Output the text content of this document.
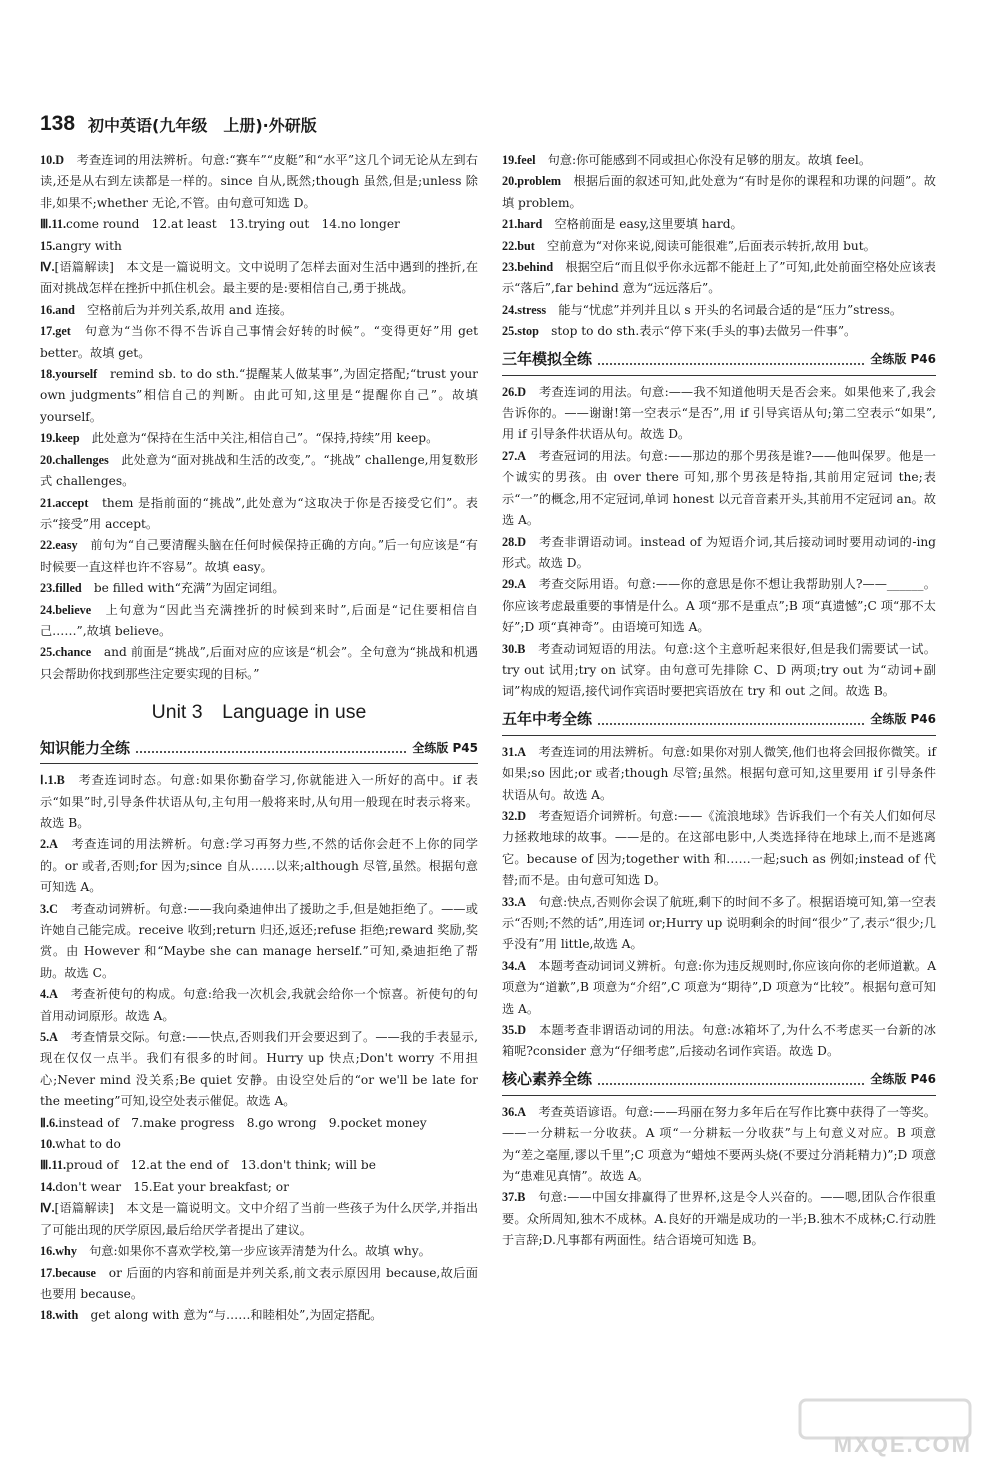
138 初中英语(九年级　上册)·外研版

10.D　考查连词的用法辨析。句意:“赛车”“皮艇”和“水平”这几个词无论从左到右读,还是从右到左读都是一样的。since 自从,既然;though 虽然,但是;unless 除非,如果不;whether 无论,不管。由句意可知选 D。

Ⅲ.11.come round　12.at least　13.trying out　14.no longer

15.angry with

Ⅳ.[语篇解读]　本文是一篇说明文。文中说明了怎样去面对生活中遇到的挫折,在面对挑战怎样在挫折中抓住机会。最主要的是:要相信自己,勇于挑战。

16.and　空格前后为并列关系,故用 and 连接。

17.get　句意为“当你不得不告诉自己事情会好转的时候”。“变得更好”用 get better。故填 get。

18.yourself　remind sb. to do sth.“提醒某人做某事”,为固定搭配;“trust your own judgments”相信自己的判断。由此可知,这里是“提醒你自己”。故填 yourself。

19.keep　此处意为“保持在生活中关注,相信自己”。“保持,持续”用 keep。

20.challenges　此处意为“面对挑战和生活的改变,”。“挑战” challenge,用复数形式 challenges。

21.accept　them 是指前面的“挑战”,此处意为“这取决于你是否接受它们”。表示“接受”用 accept。

22.easy　前句为“自己要清醒头脑在任何时候保持正确的方向。”后一句应该是“有时候要一直这样也许不容易”。故填 easy。

23.filled　be filled with“充满”为固定词组。

24.believe　上句意为“因此当充满挫折的时候到来时”,后面是“记住要相信自己……”,故填 believe。

25.chance　and 前面是“挑战”,后面对应的应该是“机会”。全句意为“挑战和机遇只会帮助你找到那些注定要实现的目标。”

Unit 3　Language in use
知识能力全练	全练版 P45

Ⅰ.1.B　考查连词时态。句意:如果你勤奋学习,你就能进入一所好的高中。if 表示“如果”时,引导条件状语从句,主句用一般将来时,从句用一般现在时表示将来。故选 B。

2.A　考查连词的用法辨析。句意:学习再努力些,不然的话你会赶不上你的同学的。or 或者,否则;for 因为;since 自从……以来;although 尽管,虽然。根据句意可知选 A。

3.C　考查动词辨析。句意:——我向桑迪伸出了援助之手,但是她拒绝了。——或许她自己能完成。receive 收到;return 归还,返还;refuse 拒绝;reward 奖励,奖赏。由 However 和“Maybe she can manage herself.”可知,桑迪拒绝了帮助。故选 C。

4.A　考查祈使句的构成。句意:给我一次机会,我就会给你一个惊喜。祈使句的句首用动词原形。故选 A。

5.A　考查情景交际。句意:——快点,否则我们开会要迟到了。——我的手表显示,现在仅仅一点半。我们有很多的时间。Hurry up 快点;Don't worry 不用担心;Never mind 没关系;Be quiet 安静。由设空处后的“or we'll be late for the meeting”可知,设空处表示催促。故选 A。

Ⅱ.6.instead of　7.make progress　8.go wrong　9.pocket money

10.what to do

Ⅲ.11.proud of　12.at the end of　13.don't think; will be

14.don't wear　15.Eat your breakfast; or

Ⅳ.[语篇解读]　本文是一篇说明文。文中介绍了当前一些孩子为什么厌学,并指出了可能出现的厌学原因,最后给厌学者提出了建议。

16.why　句意:如果你不喜欢学校,第一步应该弄清楚为什么。故填 why。

17.because　or 后面的内容和前面是并列关系,前文表示原因用 because,故后面也要用 because。

18.with　get along with 意为“与……和睦相处”,为固定搭配。

19.feel　句意:你可能感到不同或担心你没有足够的朋友。故填 feel。

20.problem　根据后面的叙述可知,此处意为“有时是你的课程和功课的问题”。故填 problem。

21.hard　空格前面是 easy,这里要填 hard。

22.but　空前意为“对你来说,阅读可能很难”,后面表示转折,故用 but。

23.behind　根据空后“而且似乎你永远都不能赶上了”可知,此处前面空格处应该表示“落后”,far behind 意为“远远落后”。

24.stress　能与“忧虑”并列并且以 s 开头的名词最合适的是“压力”stress。

25.stop　stop to do sth.表示“停下来(手头的事)去做另一件事”。

三年模拟全练	全练版 P46

26.D　考查连词的用法。句意:——我不知道他明天是否会来。如果他来了,我会告诉你的。——谢谢!第一空表示“是否”,用 if 引导宾语从句;第二空表示“如果”,用 if 引导条件状语从句。故选 D。

27.A　考查冠词的用法。句意:——那边的那个男孩是谁?——他叫保罗。他是一个诚实的男孩。由 over there 可知,那个男孩是特指,其前用定冠词 the;表示“一”的概念,用不定冠词,单词 honest 以元音音素开头,其前用不定冠词 an。故选 A。

28.D　考查非谓语动词。instead of 为短语介词,其后接动词时要用动词的-ing 形式。故选 D。

29.A　考查交际用语。句意:——你的意思是你不想让我帮助别人?——______。你应该考虑最重要的事情是什么。A 项“那不是重点”;B 项“真遗憾”;C 项“那不太好”;D 项“真神奇”。由语境可知选 A。

30.B　考查动词短语的用法。句意:这个主意听起来很好,但是我们需要试一试。try out 试用;try on 试穿。由句意可先排除 C、D 两项;try out 为“动词+副词”构成的短语,接代词作宾语时要把宾语放在 try 和 out 之间。故选 B。

五年中考全练	全练版 P46

31.A　考查连词的用法辨析。句意:如果你对别人微笑,他们也将会回报你微笑。if 如果;so 因此;or 或者;though 尽管;虽然。根据句意可知,这里要用 if 引导条件状语从句。故选 A。

32.D　考查短语介词辨析。句意:——《流浪地球》告诉我们一个有关人们如何尽力拯救地球的故事。——是的。在这部电影中,人类选择待在地球上,而不是逃离它。because of 因为;together with 和……一起;such as 例如;instead of 代替;而不是。由句意可知选 D。

33.A　句意:快点,否则你会误了航班,剩下的时间不多了。根据语境可知,第一空表示“否则;不然的话”,用连词 or;Hurry up 说明剩余的时间“很少”了,表示“很少;几乎没有”用 little,故选 A。

34.A　本题考查动词词义辨析。句意:你为违反规则时,你应该向你的老师道歉。A 项意为“道歉”,B 项意为“介绍”,C 项意为“期待”,D 项意为“比较”。根据句意可知选 A。

35.D　本题考查非谓语动词的用法。句意:冰箱坏了,为什么不考虑买一台新的冰箱呢?consider 意为“仔细考虑”,后接动名词作宾语。故选 D。

核心素养全练	全练版 P46

36.A　考查英语谚语。句意:——玛丽在努力多年后在写作比赛中获得了一等奖。——一分耕耘一分收获。A 项“一分耕耘一分收获”与上句意义对应。B 项意为“差之毫厘,谬以千里”;C 项意为“蜡烛不要两头烧(不要过分消耗精力)”;D 项意为“患难见真情”。故选 A。

37.B　句意:——中国女排赢得了世界杯,这是令人兴奋的。——嗯,团队合作很重要。众所周知,独木不成林。A.良好的开端是成功的一半;B.独木不成林;C.行动胜于言辞;D.凡事都有两面性。结合语境可知选 B。

MXQE.COM
